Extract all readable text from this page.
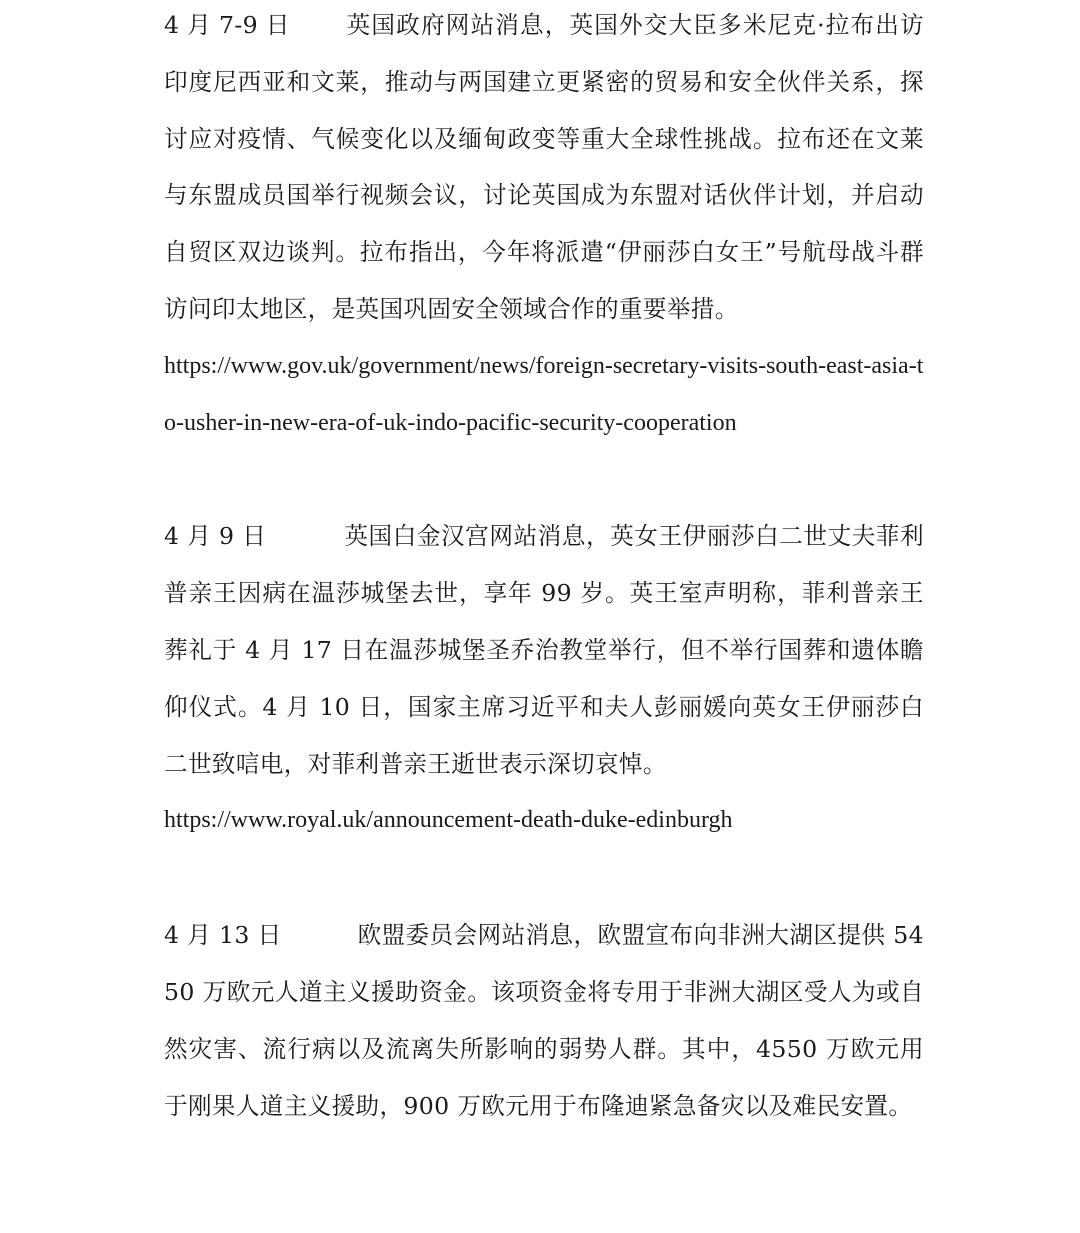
4 月 7-9 日 英国政府网站消息，英国外交大臣多米尼克·拉布出访印度尼西亚和文莱，推动与两国建立更紧密的贸易和安全伙伴关系，探讨应对疫情、气候变化以及缅甸政变等重大全球性挑战。拉布还在文莱与东盟成员国举行视频会议，讨论英国成为东盟对话伙伴计划，并启动自贸区双边谈判。拉布指出，今年将派遣“伊丽莎白女王”号航母战斗群访问印太地区，是英国巩固安全领域合作的重要举措。

https://www.gov.uk/government/news/foreign-secretary-visits-south-east-asia-to-usher-in-new-era-of-uk-indo-pacific-security-cooperation

4 月 9 日	英国白金汉宫网站消息，英女王伊丽莎白二世丈夫菲利普亲王因病在温莎城堡去世，享年 99 岁。英王室声明称，菲利普亲王葬礼于 4 月 17 日在温莎城堡圣乔治教堂举行，但不举行国葬和遗体瞻仰仪式。4 月 10 日，国家主席习近平和夫人彭丽媛向英女王伊丽莎白二世致唁电，对菲利普亲王逝世表示深切哀悼。

https://www.royal.uk/announcement-death-duke-edinburgh

4 月 13 日	欧盟委员会网站消息，欧盟宣布向非洲大湖区提供 5450 万欧元人道主义援助资金。该项资金将专用于非洲大湖区受人为或自然灾害、流行病以及流离失所影响的弱势人群。其中，4550 万欧元用于刚果人道主义援助，900 万欧元用于布隆迪紧急备灾以及难民安置。
